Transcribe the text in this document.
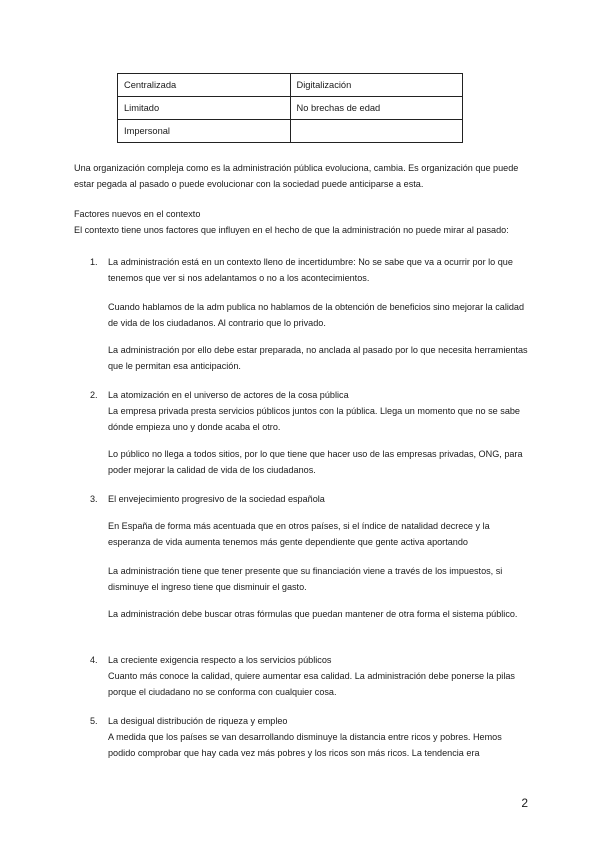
Centralizada	Digitalización
Limitado	No brechas de edad
Impersonal	

Una organización compleja como es la administración pública evoluciona, cambia. Es organización que puede estar pegada al pasado o puede evolucionar con la sociedad puede anticiparse a esta.

Factores nuevos en el contexto

El contexto tiene unos factores que influyen en el hecho de que la administración no puede mirar al pasado:

1. La administración está en un contexto lleno de incertidumbre: No se sabe que va a ocurrir por lo que tenemos que ver si nos adelantamos o no a los acontecimientos.

Cuando hablamos de la adm publica no hablamos de la obtención de beneficios sino mejorar la calidad de vida de los ciudadanos. Al contrario que lo privado.

La administración por ello debe estar preparada, no anclada al pasado por lo que necesita herramientas que le permitan esa anticipación.

2. La atomización en el universo de actores de la cosa pública

La empresa privada presta servicios públicos juntos con la pública. Llega un momento que no se sabe dónde empieza uno y donde acaba el otro.

Lo público no llega a todos sitios, por lo que tiene que hacer uso de las empresas privadas, ONG, para poder mejorar la calidad de vida de los ciudadanos.

3. El envejecimiento progresivo de la sociedad española

En España de forma más acentuada que en otros países, si el índice de natalidad decrece y la esperanza de vida aumenta tenemos más gente dependiente que gente activa aportando

La administración tiene que tener presente que su financiación viene a través de los impuestos, si disminuye el ingreso tiene que disminuir el gasto.

La administración debe buscar otras fórmulas que puedan mantener de otra forma el sistema público.

4. La creciente exigencia respecto a los servicios públicos

Cuanto más conoce la calidad, quiere aumentar esa calidad. La administración debe ponerse la pilas porque el ciudadano no se conforma con cualquier cosa.

5. La desigual distribución de riqueza y empleo

A medida que los países se van desarrollando disminuye la distancia entre ricos y pobres. Hemos podido comprobar que hay cada vez más pobres y los ricos son más ricos. La tendencia era

2
